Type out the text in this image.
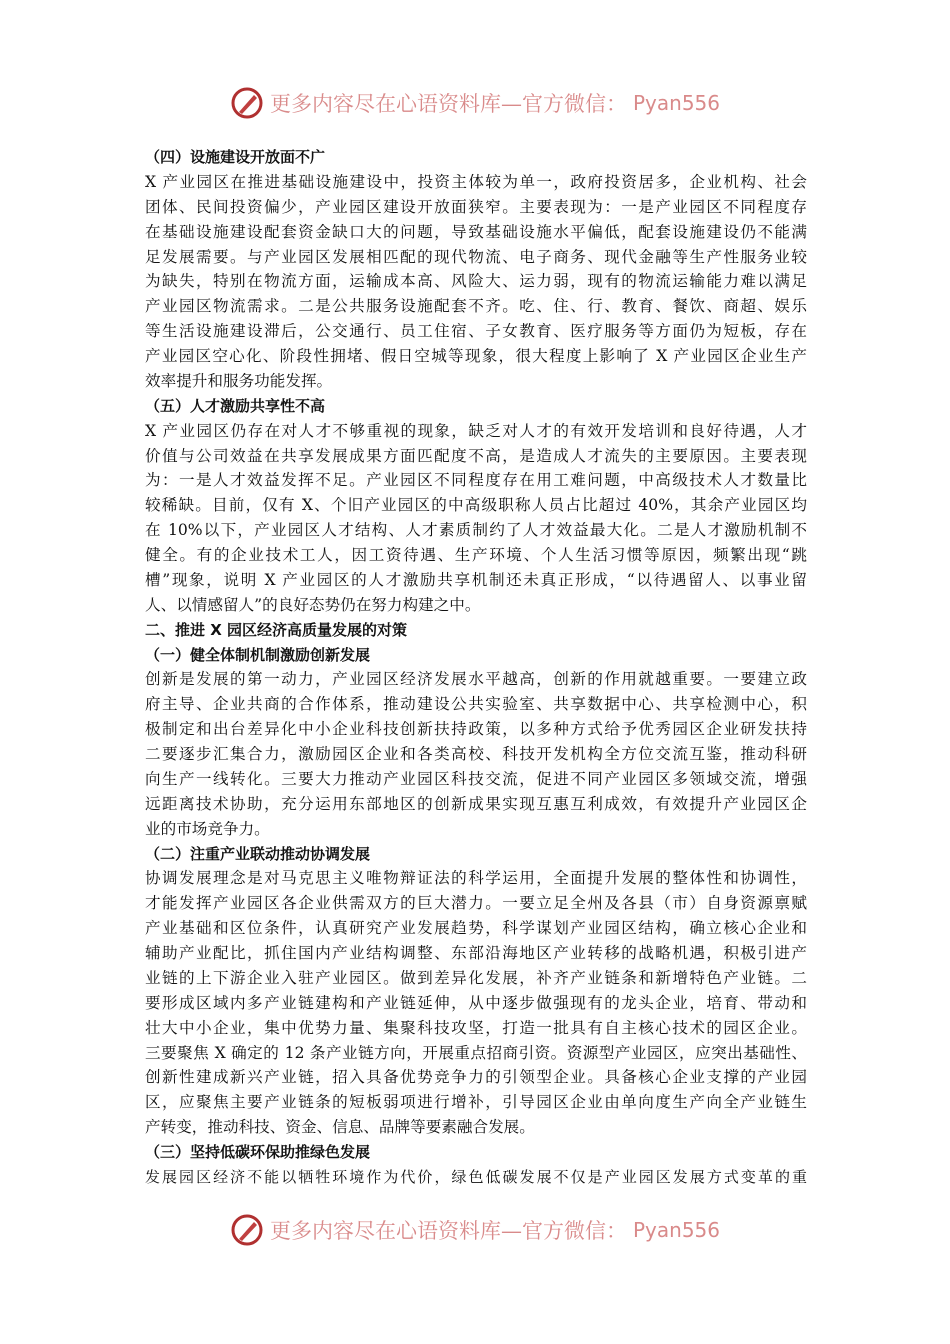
更多内容尽在心语资料库—官方微信： Pyan556
（四）设施建设开放面不广
X 产业园区在推进基础设施建设中，投资主体较为单一，政府投资居多，企业机构、社会
团体、民间投资偏少，产业园区建设开放面狭窄。主要表现为：一是产业园区不同程度存
在基础设施建设配套资金缺口大的问题，导致基础设施水平偏低，配套设施建设仍不能满
足发展需要。与产业园区发展相匹配的现代物流、电子商务、现代金融等生产性服务业较
为缺失，特别在物流方面，运输成本高、风险大、运力弱，现有的物流运输能力难以满足
产业园区物流需求。二是公共服务设施配套不齐。吃、住、行、教育、餐饮、商超、娱乐
等生活设施建设滞后，公交通行、员工住宿、子女教育、医疗服务等方面仍为短板，存在
产业园区空心化、阶段性拥堵、假日空城等现象，很大程度上影响了 X 产业园区企业生产
效率提升和服务功能发挥。
（五）人才激励共享性不高
X 产业园区仍存在对人才不够重视的现象，缺乏对人才的有效开发培训和良好待遇，人才
价值与公司效益在共享发展成果方面匹配度不高，是造成人才流失的主要原因。主要表现
为：一是人才效益发挥不足。产业园区不同程度存在用工难问题，中高级技术人才数量比
较稀缺。目前，仅有 X、个旧产业园区的中高级职称人员占比超过 40%，其余产业园区均
在 10%以下，产业园区人才结构、人才素质制约了人才效益最大化。二是人才激励机制不
健全。有的企业技术工人，因工资待遇、生产环境、个人生活习惯等原因，频繁出现“跳
槽”现象，说明 X 产业园区的人才激励共享机制还未真正形成，“以待遇留人、以事业留
人、以情感留人”的良好态势仍在努力构建之中。
二、推进 X 园区经济高质量发展的对策
（一）健全体制机制激励创新发展
创新是发展的第一动力，产业园区经济发展水平越高，创新的作用就越重要。一要建立政
府主导、企业共商的合作体系，推动建设公共实验室、共享数据中心、共享检测中心，积
极制定和出台差异化中小企业科技创新扶持政策，以多种方式给予优秀园区企业研发扶持
二要逐步汇集合力，激励园区企业和各类高校、科技开发机构全方位交流互鉴，推动科研
向生产一线转化。三要大力推动产业园区科技交流，促进不同产业园区多领域交流，增强
远距离技术协助，充分运用东部地区的创新成果实现互惠互利成效，有效提升产业园区企
业的市场竞争力。
（二）注重产业联动推动协调发展
协调发展理念是对马克思主义唯物辩证法的科学运用，全面提升发展的整体性和协调性，
才能发挥产业园区各企业供需双方的巨大潜力。一要立足全州及各县（市）自身资源禀赋
产业基础和区位条件，认真研究产业发展趋势，科学谋划产业园区结构，确立核心企业和
辅助产业配比，抓住国内产业结构调整、东部沿海地区产业转移的战略机遇，积极引进产
业链的上下游企业入驻产业园区。做到差异化发展，补齐产业链条和新增特色产业链。二
要形成区域内多产业链建构和产业链延伸，从中逐步做强现有的龙头企业，培育、带动和
壮大中小企业，集中优势力量、集聚科技攻坚，打造一批具有自主核心技术的园区企业。
三要聚焦 X 确定的 12 条产业链方向，开展重点招商引资。资源型产业园区，应突出基础性、
创新性建成新兴产业链，招入具备优势竞争力的引领型企业。具备核心企业支撑的产业园
区，应聚焦主要产业链条的短板弱项进行增补，引导园区企业由单向度生产向全产业链生
产转变，推动科技、资金、信息、品牌等要素融合发展。
（三）坚持低碳环保助推绿色发展
发展园区经济不能以牺牲环境作为代价，绿色低碳发展不仅是产业园区发展方式变革的重
更多内容尽在心语资料库—官方微信： Pyan556
